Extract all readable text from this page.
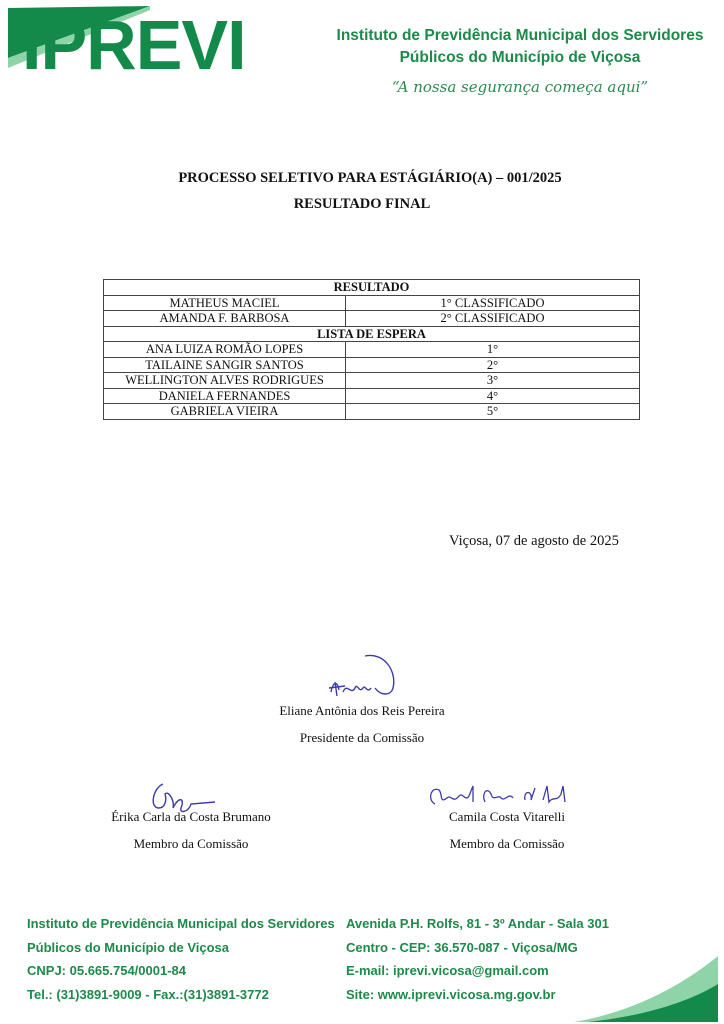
IPREVI	Instituto de Previdência Municipal dos Servidores
Públicos do Município de Viçosa
“A nossa segurança começa aqui”
PROCESSO SELETIVO PARA ESTÁGIÁRIO(A) – 001/2025
RESULTADO FINAL
RESULTADO	
MATHEUS MACIEL	1° CLASSIFICADO
AMANDA F. BARBOSA	2° CLASSIFICADO
LISTA DE ESPERA	
ANA LUIZA ROMÃO LOPES	1°
TAILAINE SANGIR SANTOS	2°
WELLINGTON ALVES RODRIGUES	3°
DANIELA FERNANDES	4°
GABRIELA VIEIRA	5°
Viçosa, 07 de agosto de 2025
Eliane Antônia dos Reis Pereira
Presidente da Comissão
Érika Carla da Costa Brumano
Membro da Comissão
Camila Costa Vitarelli
Membro da Comissão
Instituto de Previdência Municipal dos Servidores
Públicos do Município de Viçosa
CNPJ: 05.665.754/0001-84
Tel.: (31)3891-9009 - Fax.:(31)3891-3772
Avenida P.H. Rolfs, 81 - 3º Andar - Sala 301
Centro - CEP: 36.570-087 - Viçosa/MG
E-mail: iprevi.vicosa@gmail.com
Site: www.iprevi.vicosa.mg.gov.br
